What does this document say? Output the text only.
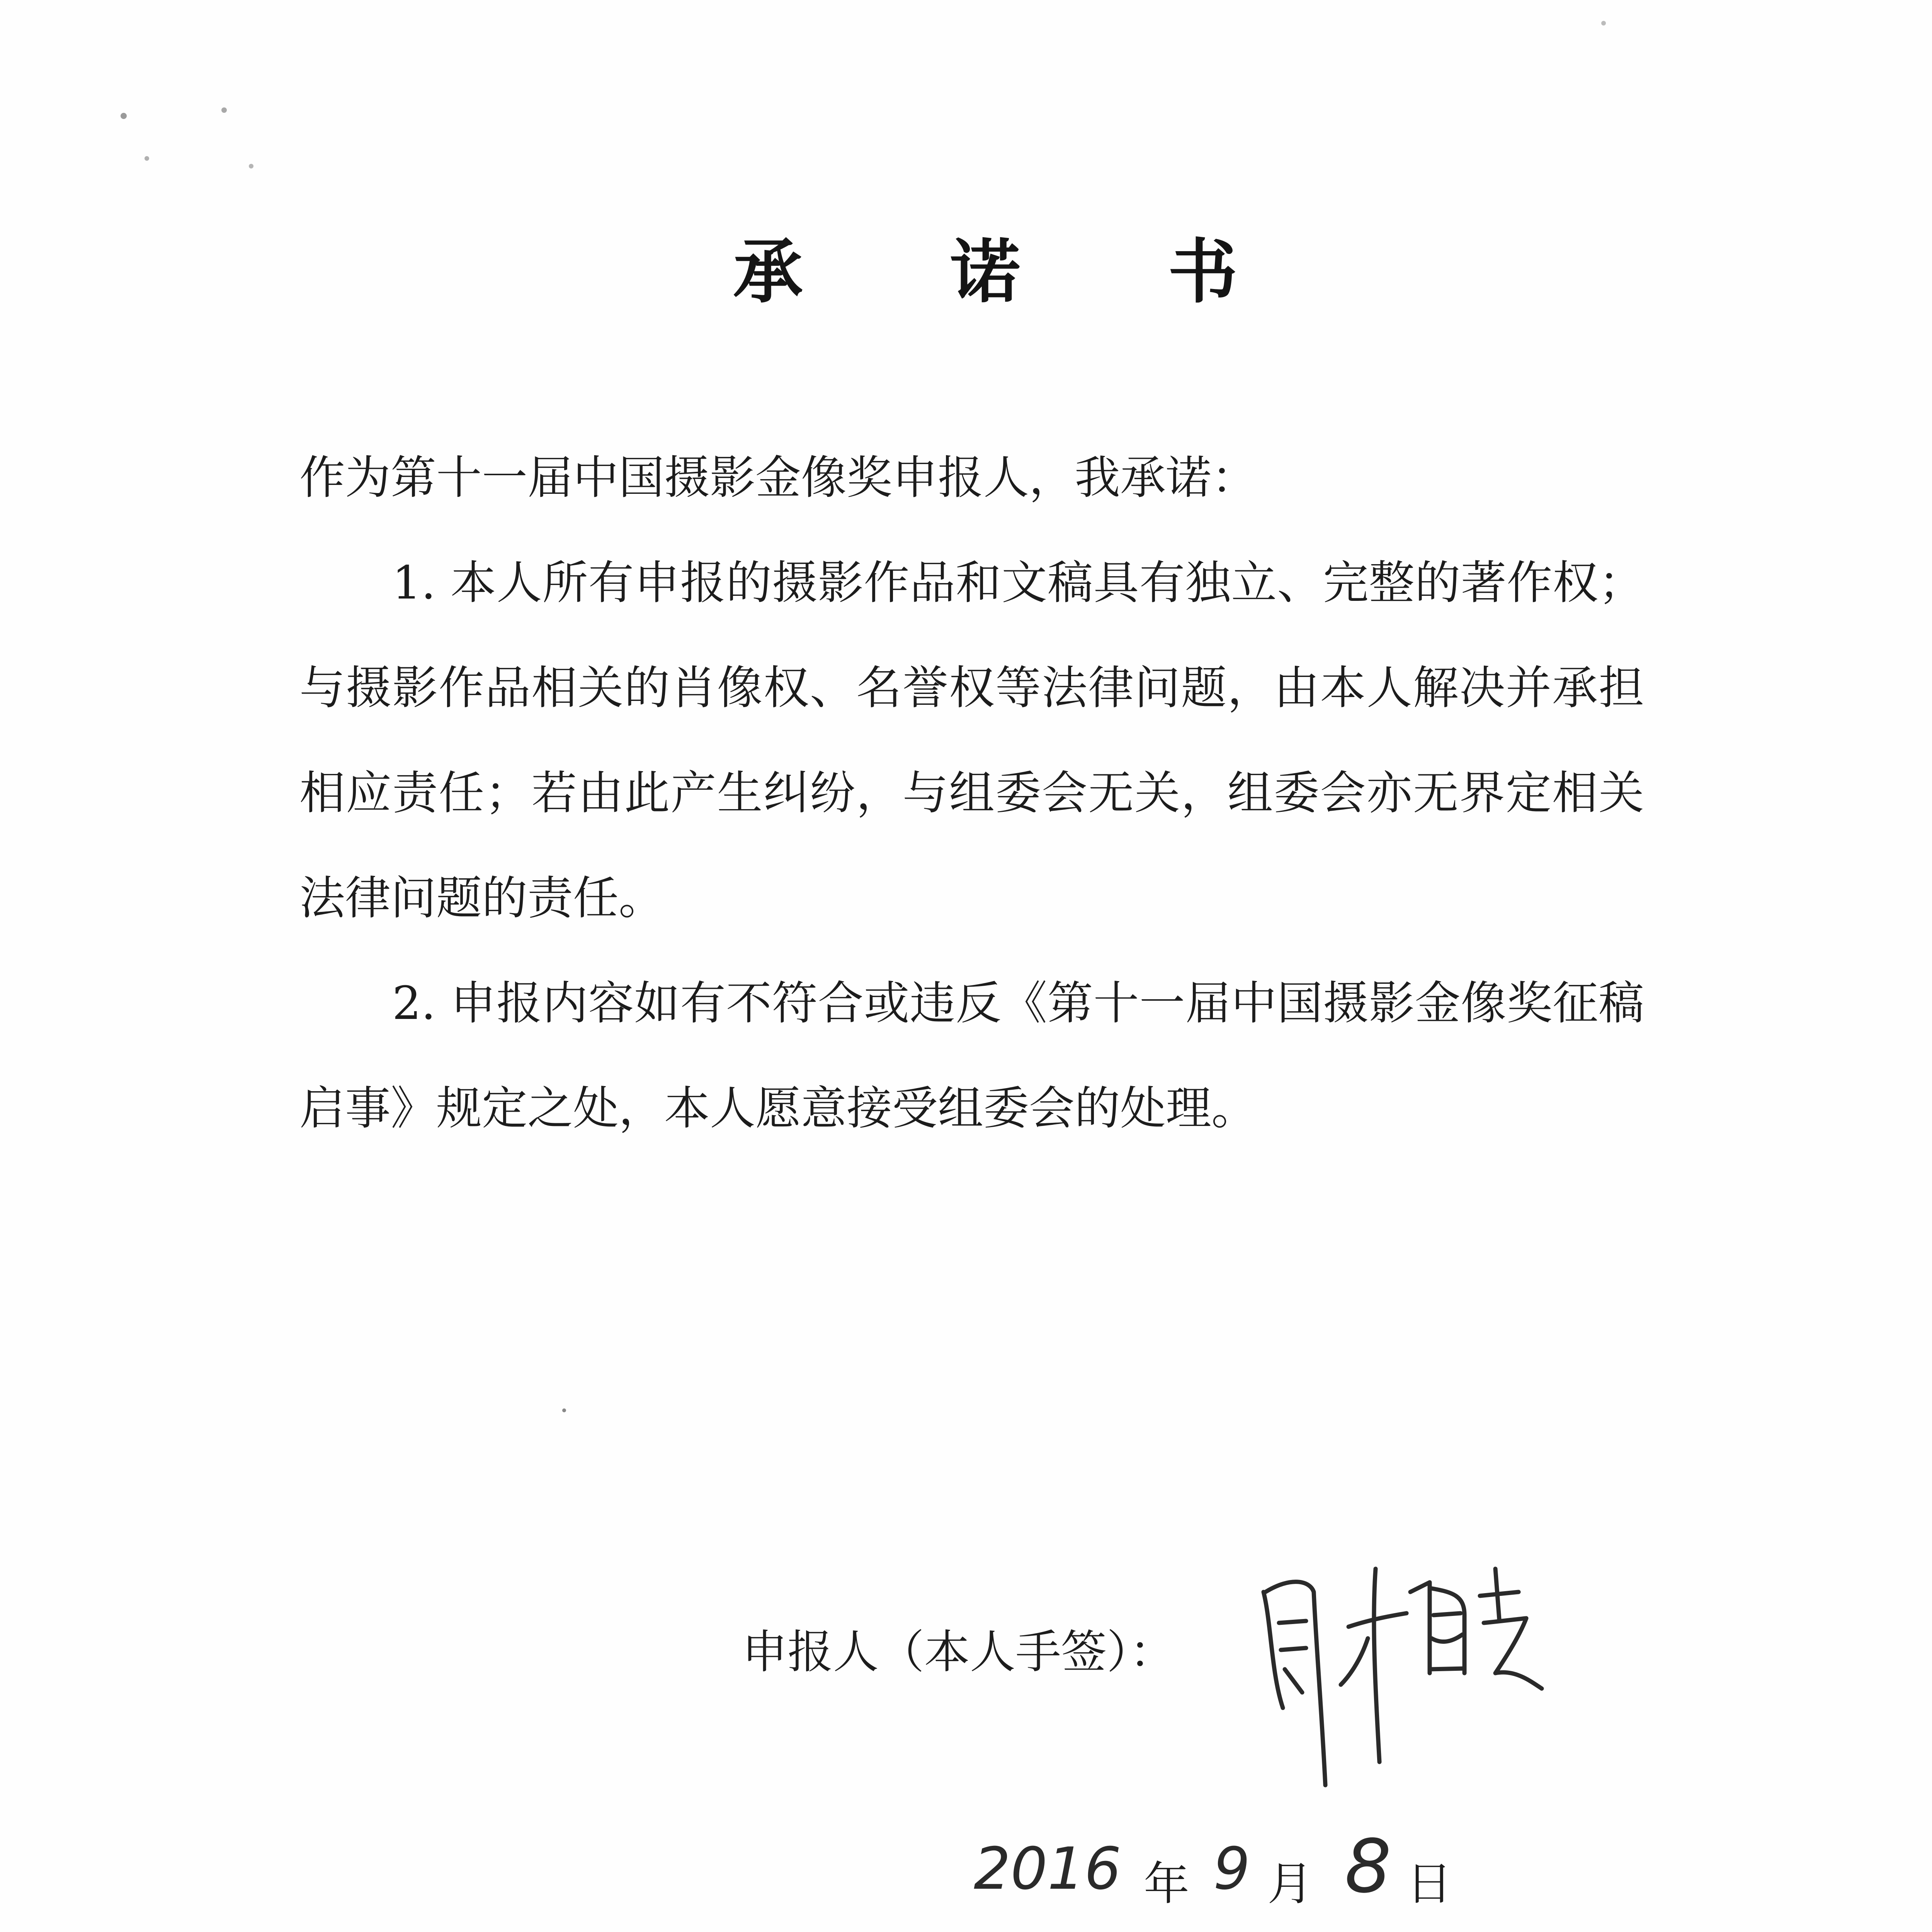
承 诺 书

作为第十一届中国摄影金像奖申报人，我承诺：

1. 本人所有申报的摄影作品和文稿具有独立、完整的著作权；与摄影作品相关的肖像权、名誉权等法律问题，由本人解决并承担相应责任；若由此产生纠纷，与组委会无关，组委会亦无界定相关法律问题的责任。

2. 申报内容如有不符合或违反《第十一届中国摄影金像奖征稿启事》规定之处，本人愿意接受组委会的处理。

申报人（本人手签）：
2016 年 9 月 8 日
